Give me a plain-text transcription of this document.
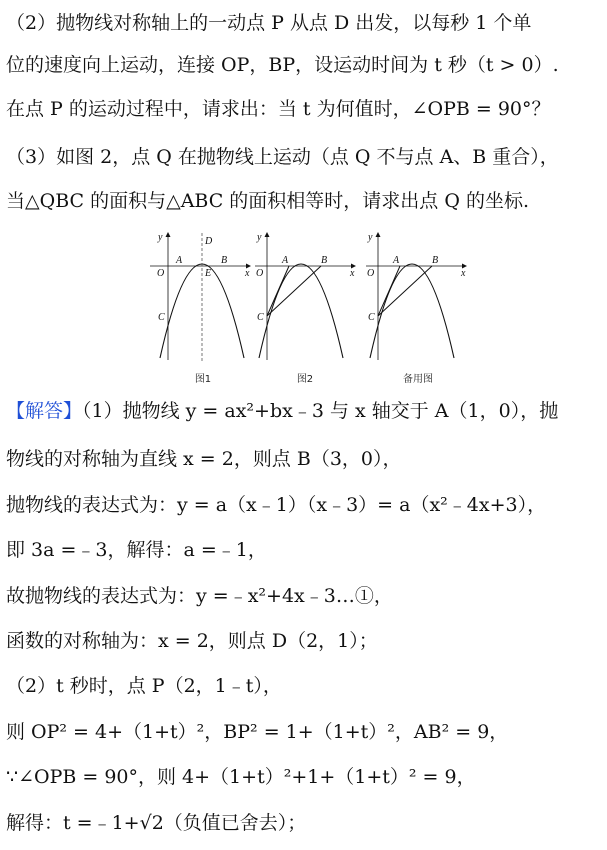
（2）抛物线对称轴上的一动点 P 从点 D 出发，以每秒 1 个单
位的速度向上运动，连接 OP，BP，设运动时间为 t 秒（t > 0）.
在点 P 的运动过程中，请求出：当 t 为何值时，∠OPB = 90°？
（3）如图 2，点 Q 在抛物线上运动（点 Q 不与点 A、B 重合），
当△QBC 的面积与△ABC 的面积相等时，请求出点 Q 的坐标.
y
x
O
A	B
C
D
E
图1
y
x
O
A	B
C
图2
y
x
O
A	B
C
备用图
【解答】（1）抛物线 y = ax²+bx﹣3 与 x 轴交于 A（1，0），抛
物线的对称轴为直线 x = 2，则点 B（3，0），
抛物线的表达式为：y = a（x﹣1）（x﹣3）= a（x²﹣4x+3），
即 3a =﹣3，解得：a =﹣1，
故抛物线的表达式为：y =﹣x²+4x﹣3…①，
函数的对称轴为：x = 2，则点 D（2，1）；
（2）t 秒时，点 P（2，1﹣t），
则 OP² = 4+（1+t）²，BP² = 1+（1+t）²，AB² = 9，
∵∠OPB = 90°，则 4+（1+t）²+1+（1+t）² = 9，
解得：t =﹣1+√2（负值已舍去）；
